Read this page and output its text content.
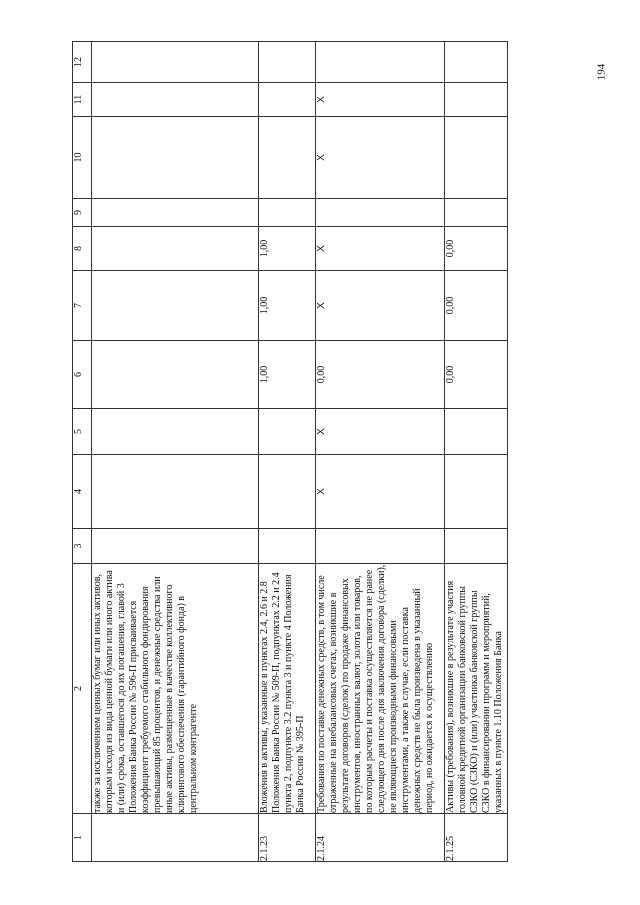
194
1	2	3	4	5	6	7	8	9	10	11	12

	также за исключением ценных бумаг или иных активов, которым исходя из вида ценной бумаги или иного актива и (или) срока, оставшегося до их погашения, главой 3 Положения Банка России № 596-П присваивается коэффициент требуемого стабильного фондирования превышающий 85 процентов, и денежные средства или иные активы, размещенные в качестве коллективного клирингового обеспечения (гарантийного фонда) в центральном контрагенте										

2.1.23	Вложения в активы, указанные в пунктах 2.4, 2.6 и 2.8 Положения Банка России № 509-П, подпунктах 2.2 и 2.4 пункта 2, подпункте 3.2 пункта 3 и пункте 4 Положения Банка России № 395-П				1,00	1,00	1,00				
2.1.24	Требования по поставке денежных средств, в том числе отраженные на внебалансовых счетах, возникшие в результате договоров (сделок) по продаже финансовых инструментов, иностранных валют, золота или товаров, по которым расчеты и поставка осуществляется не ранее следующего дня после дня заключения договора (сделки), не являющиеся производными финансовыми инструментами, а также в случае, если поставка денежных средств не была произведена в указанный период, но ожидается к осуществлению		X	X	0,00	X	X		X	X	
2.1.25	Активы (требования), возникшие в результате участия головной кредитной организации банковской группы СЗКО (СЗКО) и (или) участника банковской группы СЗКО в финансировании программ и мероприятий, указанных в пункте 1.10 Положения Банка				0,00	0,00	0,00				
